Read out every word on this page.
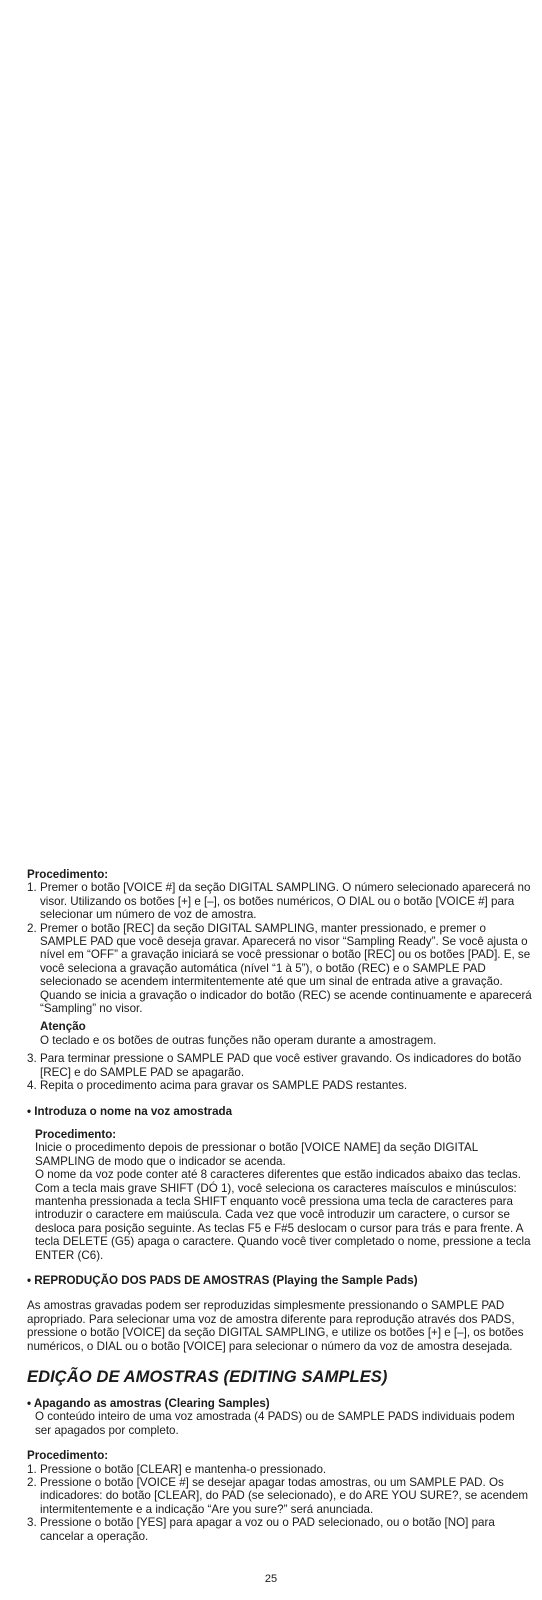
Procedimento:
1. Premer o botão [VOICE #] da seção DIGITAL SAMPLING. O número selecionado aparecerá no visor. Utilizando os botões [+] e [–], os botões numéricos, O DIAL ou o botão [VOICE #] para selecionar um número de voz de amostra.
2. Premer o botão [REC] da seção DIGITAL SAMPLING, manter pressionado, e premer o SAMPLE PAD que você deseja gravar. Aparecerá no visor “Sampling Ready”. Se você ajusta o nível em “OFF” a gravação iniciará se você pressionar o botão [REC] ou os botões [PAD]. E, se você seleciona a gravação automática (nível “1 à 5”), o botão (REC) e o SAMPLE PAD selecionado se acendem intermitentemente até que um sinal de entrada ative a gravação. Quando se inicia a gravação o indicador do botão (REC) se acende continuamente e aparecerá “Sampling” no visor.
Atenção
O teclado e os botões de outras funções não operam durante a amostragem.
3. Para terminar pressione o SAMPLE PAD que você estiver gravando. Os indicadores do botão [REC] e do SAMPLE PAD se apagarão.
4. Repita o procedimento acima para gravar os SAMPLE PADS restantes.
• Introduza o nome na voz amostrada
Procedimento:
Inicie o procedimento depois de pressionar o botão [VOICE NAME] da seção DIGITAL SAMPLING de modo que o indicador se acenda.
O nome da voz pode conter até 8 caracteres diferentes que estão indicados abaixo das teclas. Com a tecla mais grave SHIFT (DÓ 1), você seleciona os caracteres maísculos e minúsculos: mantenha pressionada a tecla SHIFT enquanto você pressiona uma tecla de caracteres para introduzir o caractere em maiúscula. Cada vez que você introduzir um caractere, o cursor se desloca para posição seguinte. As teclas F5 e F#5 deslocam o cursor para trás e para frente. A tecla DELETE (G5) apaga o caractere. Quando você tiver completado o nome, pressione a tecla ENTER (C6).
• REPRODUÇÃO DOS PADS DE AMOSTRAS (Playing the Sample Pads)
As amostras gravadas podem ser reproduzidas simplesmente pressionando o SAMPLE PAD apropriado. Para selecionar uma voz de amostra diferente para reprodução através dos PADS, pressione o botão [VOICE] da seção DIGITAL SAMPLING, e utilize os botões [+] e [–], os botões numéricos, o DIAL ou o botão [VOICE] para selecionar o número da voz de amostra desejada.
EDIÇÃO DE AMOSTRAS (EDITING SAMPLES)
• Apagando as amostras (Clearing Samples)
O conteúdo inteiro de uma voz amostrada (4 PADS) ou de SAMPLE PADS individuais podem ser apagados por completo.
Procedimento:
1. Pressione o botão [CLEAR] e mantenha-o pressionado.
2. Pressione o botão [VOICE #] se desejar apagar todas amostras, ou um SAMPLE PAD. Os indicadores: do botão [CLEAR], do PAD (se selecionado), e do ARE YOU SURE?, se acendem intermitentemente e a indicação “Are you sure?” será anunciada.
3. Pressione o botão [YES] para apagar a voz ou o PAD selecionado, ou o botão [NO] para cancelar a operação.
25
